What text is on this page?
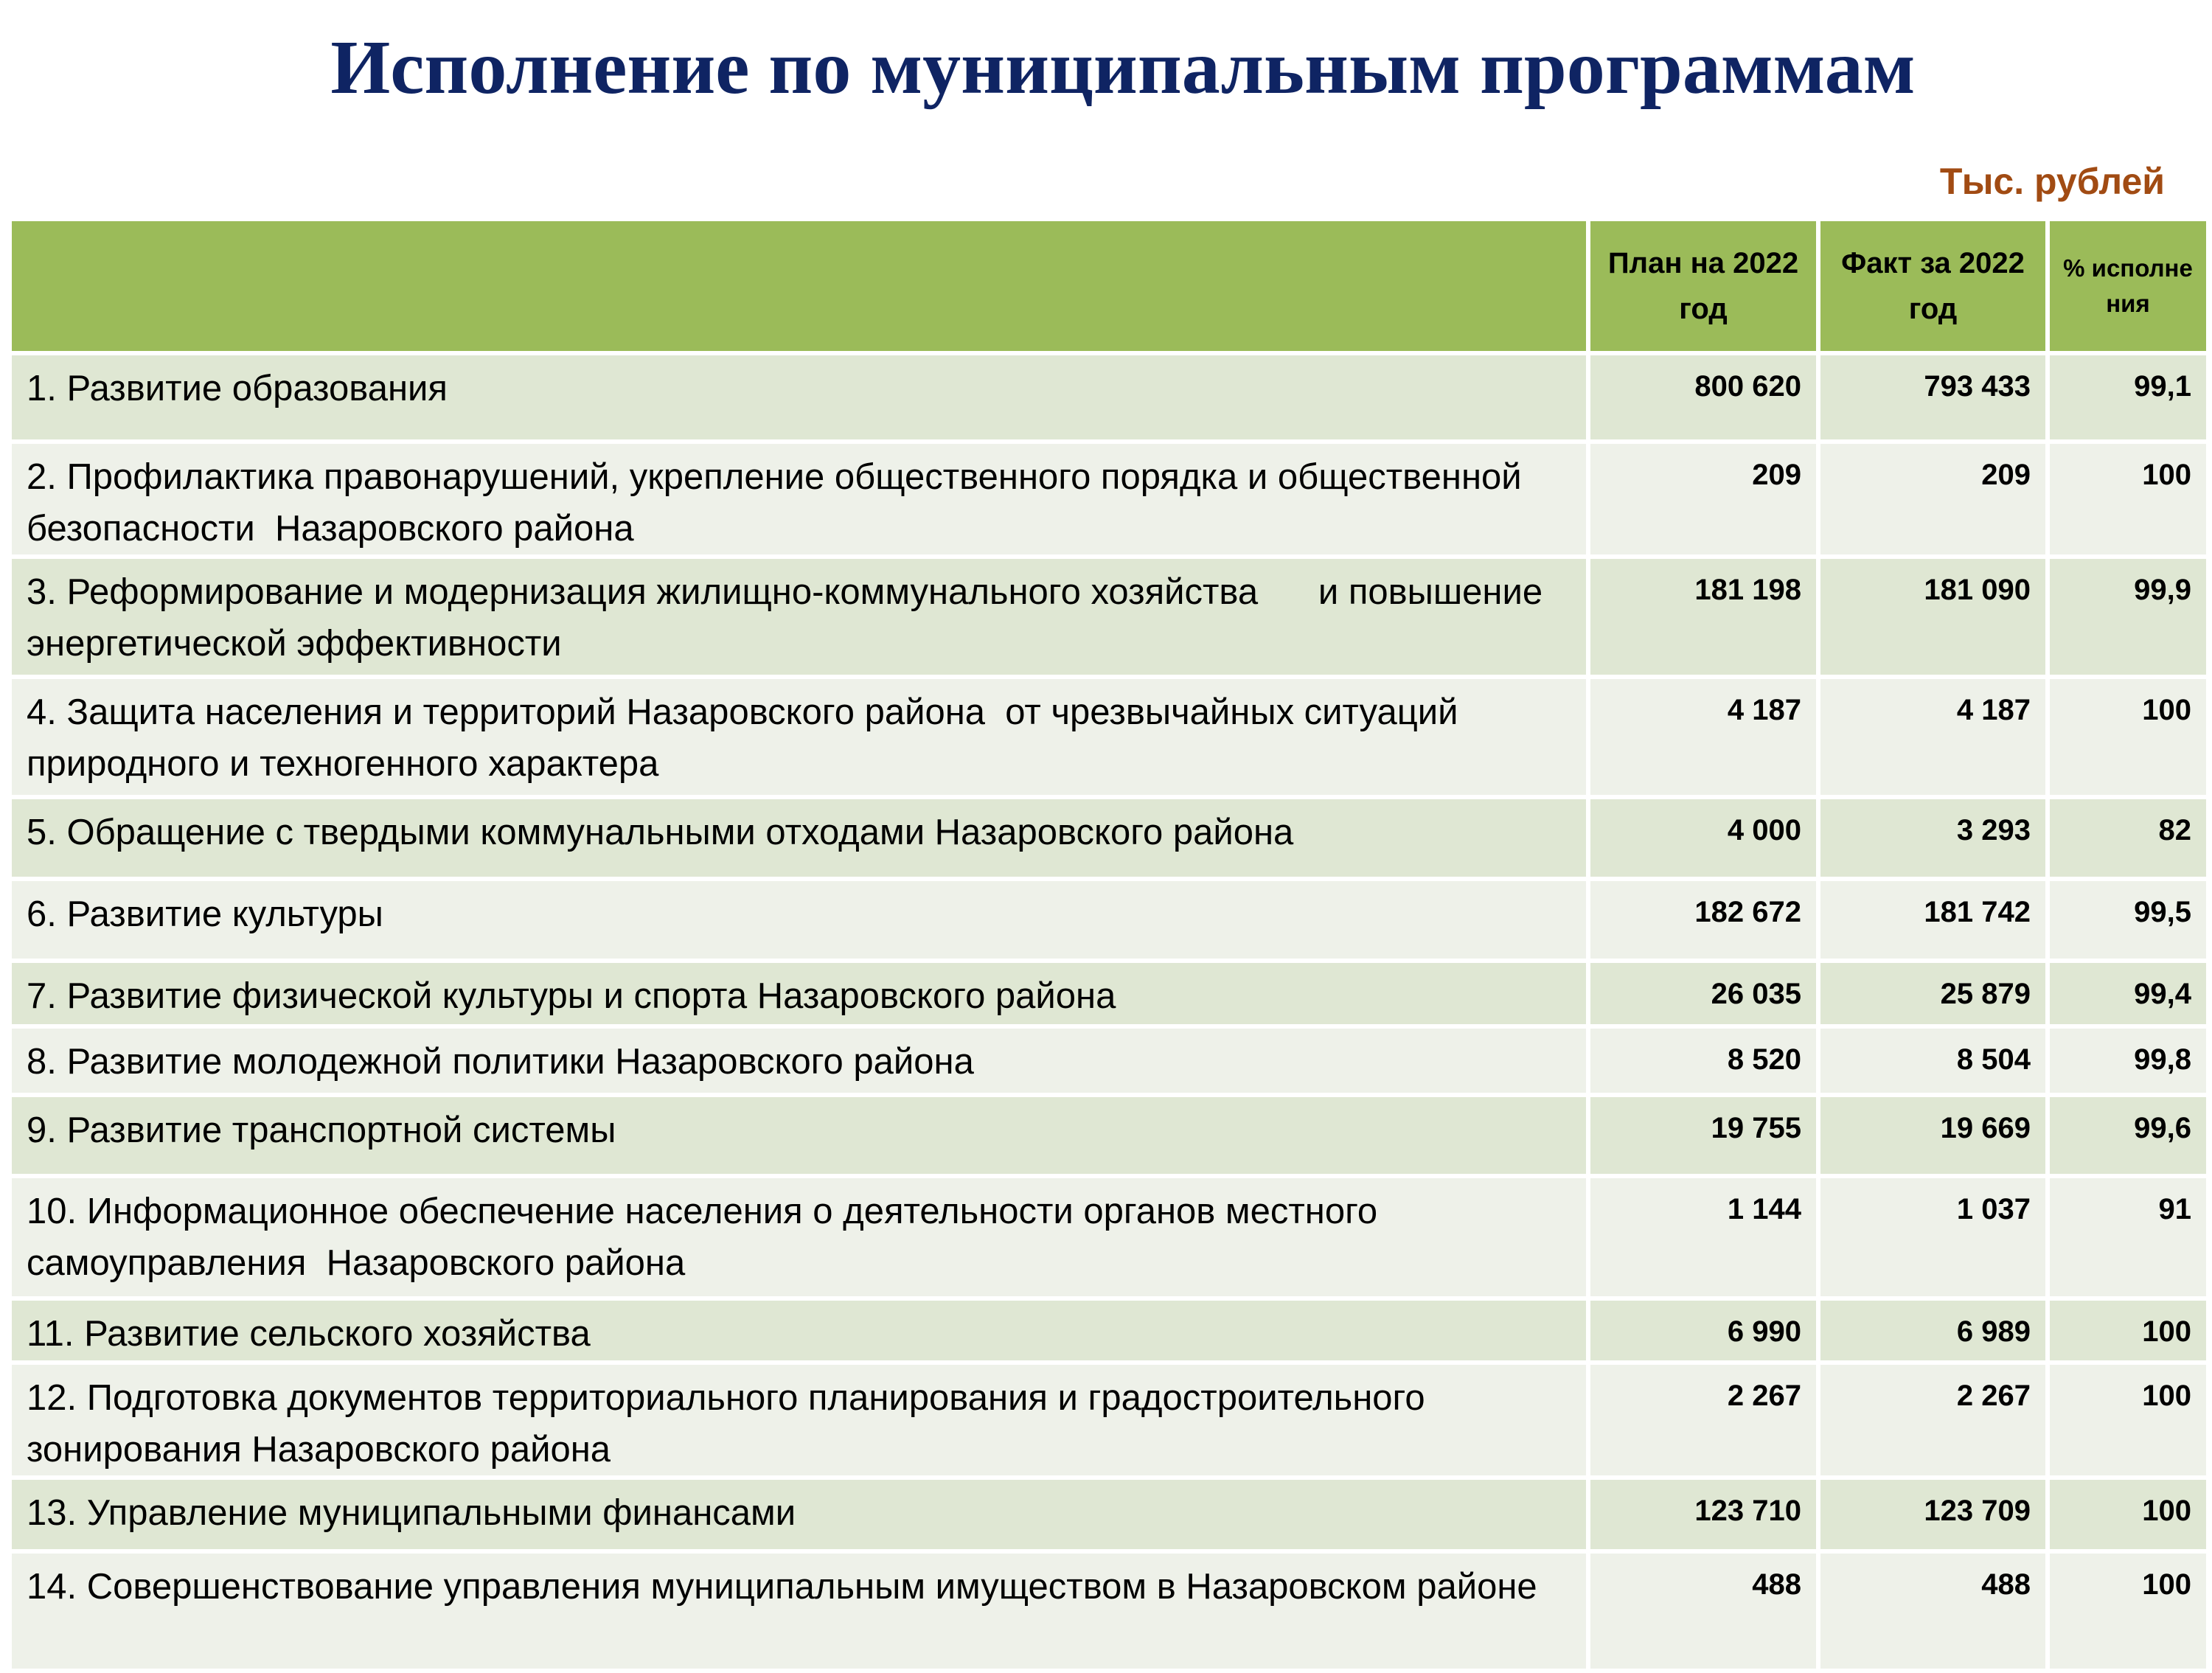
Исполнение по муниципальным программам
Тыс. рублей
	План на 2022 год	Факт за 2022 год	% исполне ния
1. Развитие образования	800 620	793 433	99,1
2. Профилактика правонарушений, укрепление общественного порядка и общественной безопасности  Назаровского района	209	209	100
3. Реформирование и модернизация жилищно-коммунального хозяйства      и повышение энергетической эффективности	181 198	181 090	99,9
4. Защита населения и территорий Назаровского района  от чрезвычайных ситуаций природного и техногенного характера	4 187	4 187	100
5. Обращение с твердыми коммунальными отходами Назаровского района	4 000	3 293	82
6. Развитие культуры	182 672	181 742	99,5
7. Развитие физической культуры и спорта Назаровского района	26 035	25 879	99,4
8. Развитие молодежной политики Назаровского района	8 520	8 504	99,8
9. Развитие транспортной системы	19 755	19 669	99,6
10. Информационное обеспечение населения о деятельности органов местного самоуправления  Назаровского района	1 144	1 037	91
11. Развитие сельского хозяйства	6 990	6 989	100
12. Подготовка документов территориального планирования и градостроительного зонирования Назаровского района	2 267	2 267	100
13. Управление муниципальными финансами	123 710	123 709	100
14. Совершенствование управления муниципальным имуществом в Назаровском районе	488	488	100
